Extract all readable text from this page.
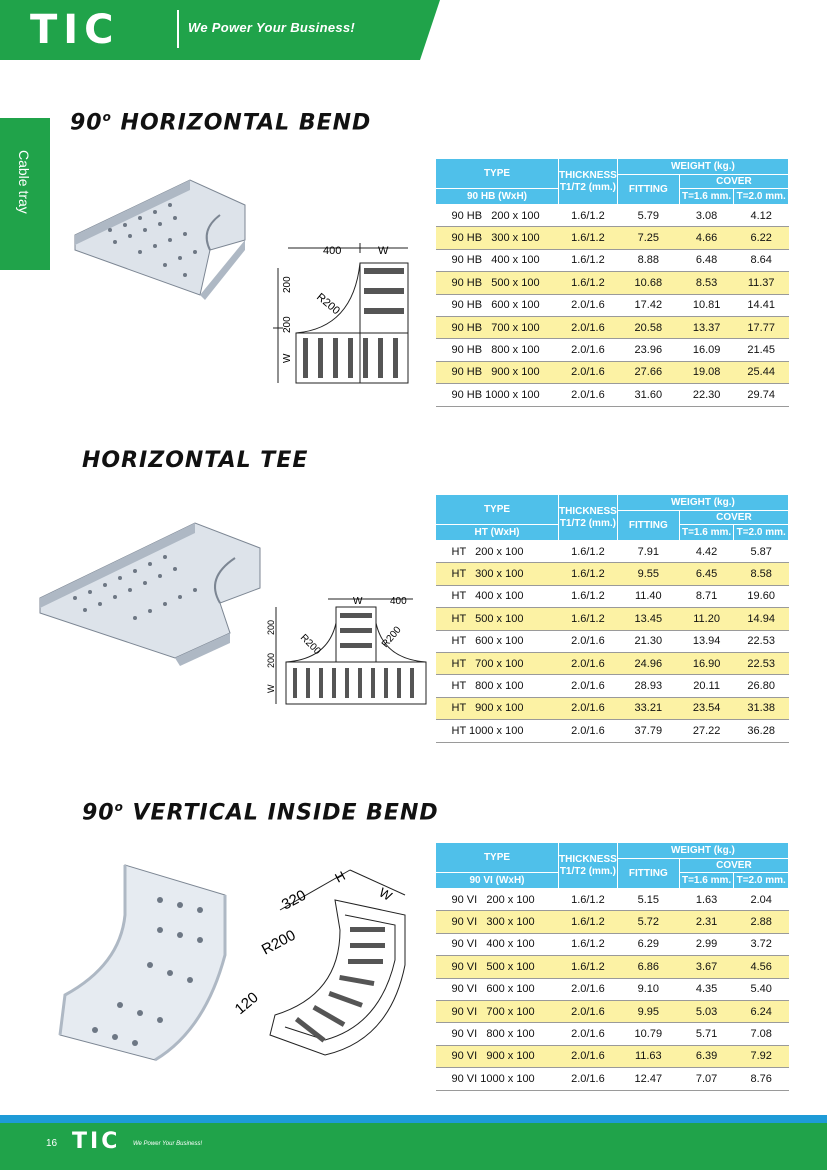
TIC	We Power Your Business!
Cable tray
90$^o$ HORIZONTAL BEND
400	W
R200
200
200
W
TYPE	THICKNESS T1/T2 (mm.)	WEIGHT (kg.)		
		FITTING	COVER	
90 HB (WxH)			T=1.6 mm.	T=2.0 mm.
90 HB   200 x 100	1.6/1.2	5.79	3.08	4.12
90 HB   300 x 100	1.6/1.2	7.25	4.66	6.22
90 HB   400 x 100	1.6/1.2	8.88	6.48	8.64
90 HB   500 x 100	1.6/1.2	10.68	8.53	11.37
90 HB   600 x 100	2.0/1.6	17.42	10.81	14.41
90 HB   700 x 100	2.0/1.6	20.58	13.37	17.77
90 HB   800 x 100	2.0/1.6	23.96	16.09	21.45
90 HB   900 x 100	2.0/1.6	27.66	19.08	25.44
90 HB 1000 x 100	2.0/1.6	31.60	22.30	29.74
HORIZONTAL TEE
W	400
R200	R200
200
200
W
TYPE	THICKNESS T1/T2 (mm.)	WEIGHT (kg.)		
		FITTING	COVER	
HT (WxH)			T=1.6 mm.	T=2.0 mm.
HT   200 x 100	1.6/1.2	7.91	4.42	5.87
HT   300 x 100	1.6/1.2	9.55	6.45	8.58
HT   400 x 100	1.6/1.2	11.40	8.71	19.60
HT   500 x 100	1.6/1.2	13.45	11.20	14.94
HT   600 x 100	2.0/1.6	21.30	13.94	22.53
HT   700 x 100	2.0/1.6	24.96	16.90	22.53
HT   800 x 100	2.0/1.6	28.93	20.11	26.80
HT   900 x 100	2.0/1.6	33.21	23.54	31.38
HT 1000 x 100	2.0/1.6	37.79	27.22	36.28
90$^o$ VERTICAL INSIDE BEND
320
H
W
R200
120
TYPE	THICKNESS T1/T2 (mm.)	WEIGHT (kg.)		
		FITTING	COVER	
90 VI (WxH)			T=1.6 mm.	T=2.0 mm.
90 VI   200 x 100	1.6/1.2	5.15	1.63	2.04
90 VI   300 x 100	1.6/1.2	5.72	2.31	2.88
90 VI   400 x 100	1.6/1.2	6.29	2.99	3.72
90 VI   500 x 100	1.6/1.2	6.86	3.67	4.56
90 VI   600 x 100	2.0/1.6	9.10	4.35	5.40
90 VI   700 x 100	2.0/1.6	9.95	5.03	6.24
90 VI   800 x 100	2.0/1.6	10.79	5.71	7.08
90 VI   900 x 100	2.0/1.6	11.63	6.39	7.92
90 VI 1000 x 100	2.0/1.6	12.47	7.07	8.76
16 TIC We Power Your Business!
